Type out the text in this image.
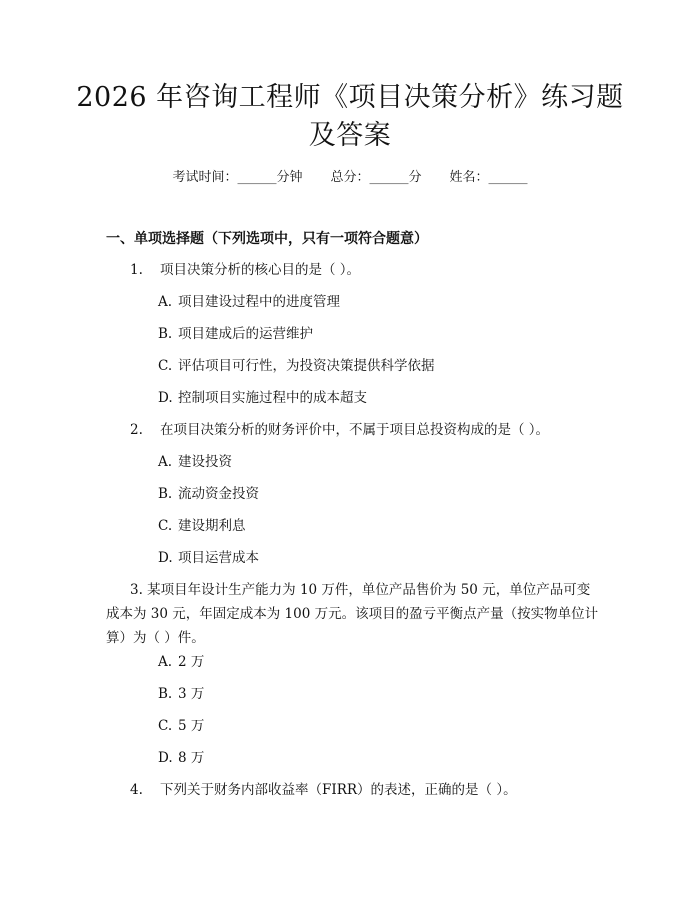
2026 年咨询工程师《项目决策分析》练习题
及答案
考试时间：______分钟 总分：______分 姓名：______
一、单项选择题（下列选项中，只有一项符合题意）
1. 项目决策分析的核心目的是（ ）。
A. 项目建设过程中的进度管理
B. 项目建成后的运营维护
C. 评估项目可行性，为投资决策提供科学依据
D. 控制项目实施过程中的成本超支
2. 在项目决策分析的财务评价中，不属于项目总投资构成的是（ ）。
A. 建设投资
B. 流动资金投资
C. 建设期利息
D. 项目运营成本
3. 某项目年设计生产能力为 10 万件，单位产品售价为 50 元，单位产品可变
成本为 30 元，年固定成本为 100 万元。该项目的盈亏平衡点产量（按实物单位计
算）为（ ）件。
A. 2 万
B. 3 万
C. 5 万
D. 8 万
4. 下列关于财务内部收益率（FIRR）的表述，正确的是（ ）。
